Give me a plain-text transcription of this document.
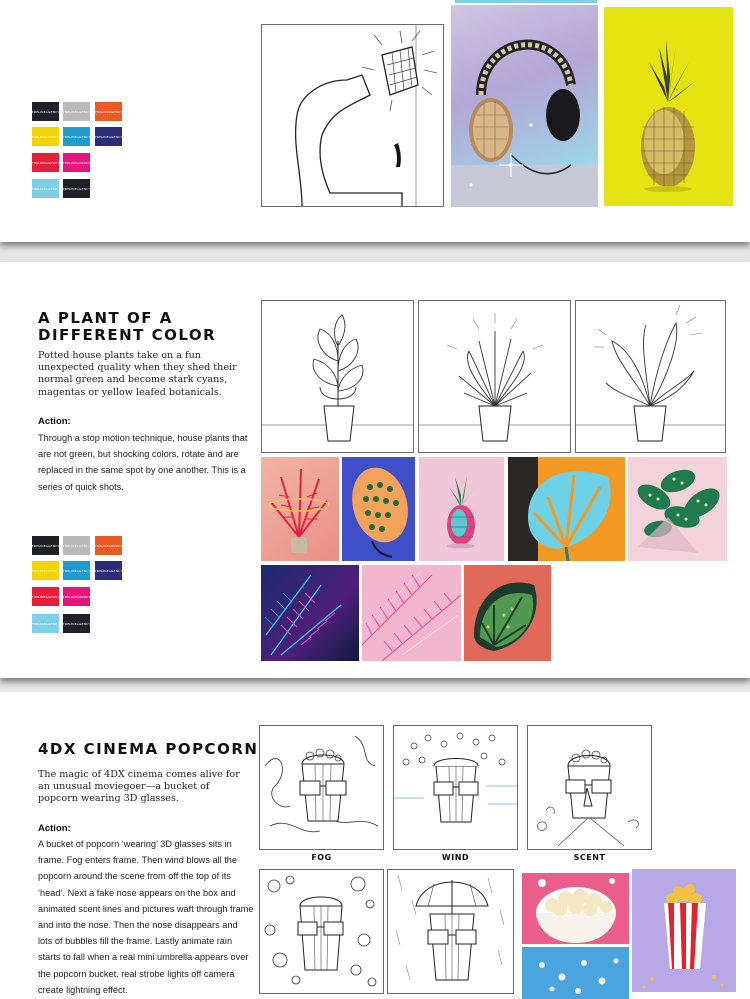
TOPLINEAGENCY TOPLINEAGENCY TOPLINEAGENCY
TOPLINEAGENCY TOPLINEAGENCY TOPLINEAGENCY
TOPLINEAGENCY TOPLINEAGENCY
TOPLINEAGENCY TOPLINEAGENCY
A PLANT OF A
DIFFERENT COLOR

Potted house plants take on a fun unexpected quality when they shed their normal green and become stark cyans, magentas or yellow leafed botanicals.

Action:

Through a stop motion technique, house plants that are not green, but shocking colors, rotate and are replaced in the same spot by one another. This is a series of quick shots.

TOPLINEAGENCY TOPLINEAGENCY TOPLINEAGENCY
TOPLINEAGENCY TOPLINEAGENCY TOPLINEAGENCY
TOPLINEAGENCY TOPLINEAGENCY
TOPLINEAGENCY TOPLINEAGENCY
4DX CINEMA POPCORN

The magic of 4DX cinema comes alive for an unusual moviegoer—a bucket of popcorn wearing 3D glasses.

Action:

A bucket of popcorn ‘wearing’ 3D glasses sits in frame. Fog enters frame. Then wind blows all the popcorn around the scene from off the top of its ‘head’. Next a fake nose appears on the box and animated scent lines and pictures waft through frame and into the nose. Then the nose disappears and lots of bubbles fill the frame. Lastly animate rain starts to fall when a real mini umbrella appears over the popcorn bucket. real strobe lights off camera create lightning effect.

FOG	WIND	SCENT
